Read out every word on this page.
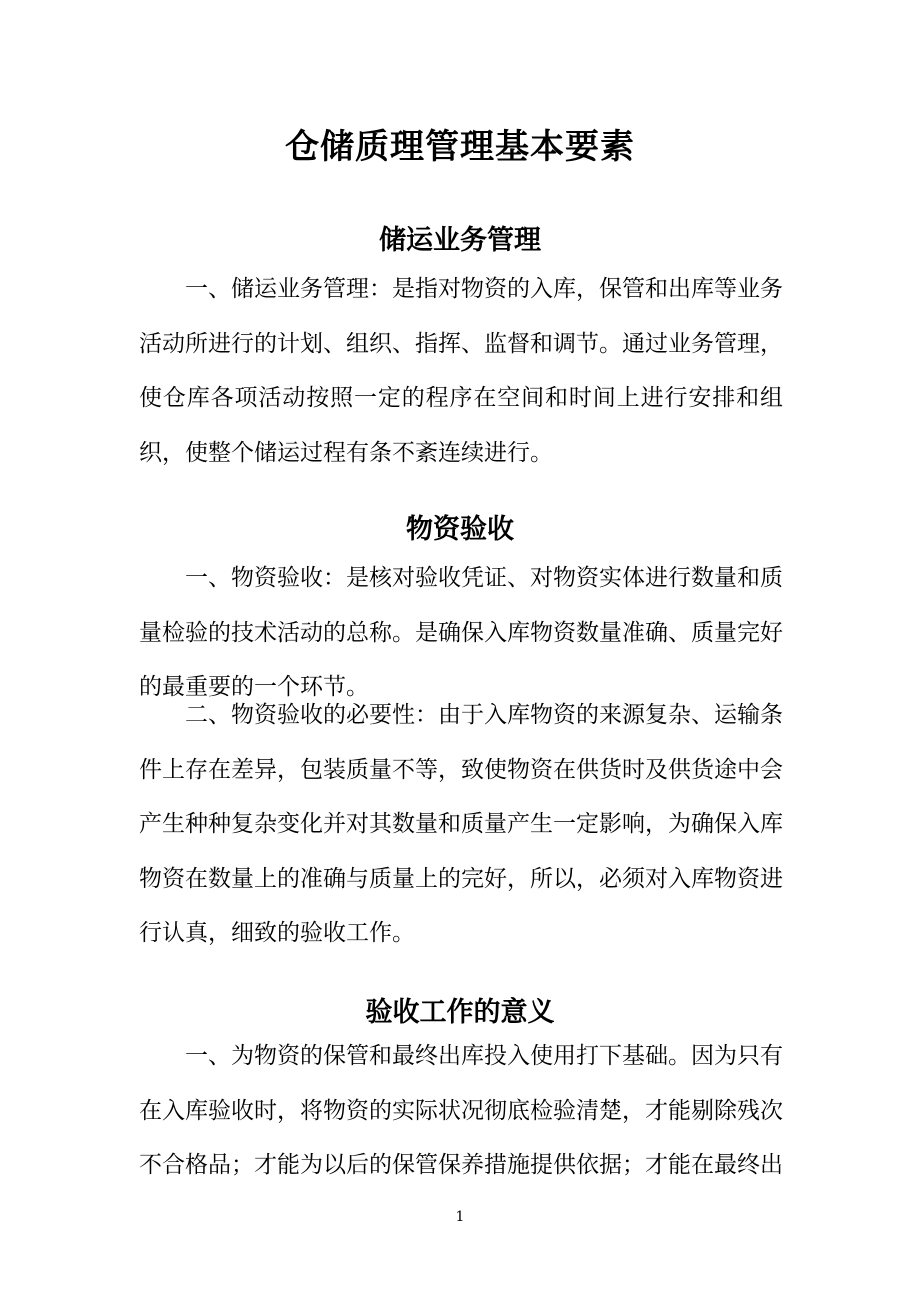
仓储质理管理基本要素
储运业务管理

一、储运业务管理：是指对物资的入库，保管和出库等业务活动所进行的计划、组织、指挥、监督和调节。通过业务管理，使仓库各项活动按照一定的程序在空间和时间上进行安排和组织，使整个储运过程有条不紊连续进行。

物资验收

一、物资验收：是核对验收凭证、对物资实体进行数量和质量检验的技术活动的总称。是确保入库物资数量准确、质量完好的最重要的一个环节。

二、物资验收的必要性：由于入库物资的来源复杂、运输条件上存在差异，包装质量不等，致使物资在供货时及供货途中会产生种种复杂变化并对其数量和质量产生一定影响，为确保入库物资在数量上的准确与质量上的完好，所以，必须对入库物资进行认真，细致的验收工作。

验收工作的意义

一、为物资的保管和最终出库投入使用打下基础。因为只有在入库验收时，将物资的实际状况彻底检验清楚，才能剔除残次不合格品；才能为以后的保管保养措施提供依据；才能在最终出

1
